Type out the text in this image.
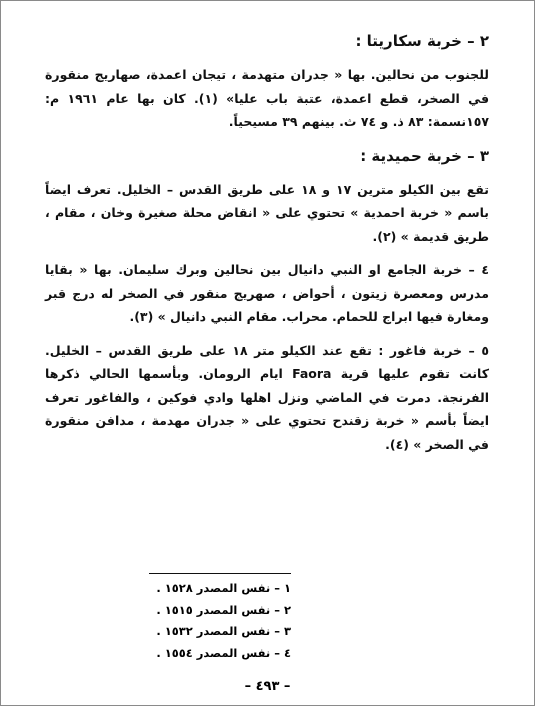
٢ – خربة سكاريتا :
للجنوب من نحالين. بها « جدران متهدمة ، تيجان اعمدة، صهاريج منقورة في الصخر، قطع اعمدة، عتبة باب عليا» (١). كان بها عام ١٩٦١ م: ١٥٧نسمة: ٨٣ ذ. و ٧٤ ث. بينهم ٣٩ مسيحياً.
٣ – خربة حميدية :
تقع بين الكيلو مترين ١٧ و ١٨ على طريق القدس – الخليل. تعرف ايضاً باسم « خربة احمدية » تحتوي على « انقاض محلة صغيرة وخان ، مقام ، طريق قديمة » (٢).
٤ – خربة الجامع او النبي دانيال بين نحالين وبرك سليمان. بها « بقايا مدرس ومعصرة زيتون ، أحواض ، صهريج منقور في الصخر له درج قبر ومغارة فيها ابراج للحمام. محراب. مقام النبي دانيال » (٣).
٥ – خربة فاغور : تقع عند الكيلو متر ١٨ على طريق القدس – الخليل. كانت تقوم عليها قرية Faora ايام الرومان. وبأسمها الحالي ذكرها الفرنجة. دمرت في الماضي ونزل اهلها وادي فوكين ، والفاغور تعرف ايضاً بأسم « خربة زقندح تحتوي على « جدران مهدمة ، مدافن منقورة في الصخر » (٤).
١ – نفس المصدر ١٥٢٨ .
٢ – نفس المصدر ١٥١٥ .
٣ – نفس المصدر ١٥٣٢ .
٤ – نفس المصدر ١٥٥٤ .
– ٤٩٣ –
